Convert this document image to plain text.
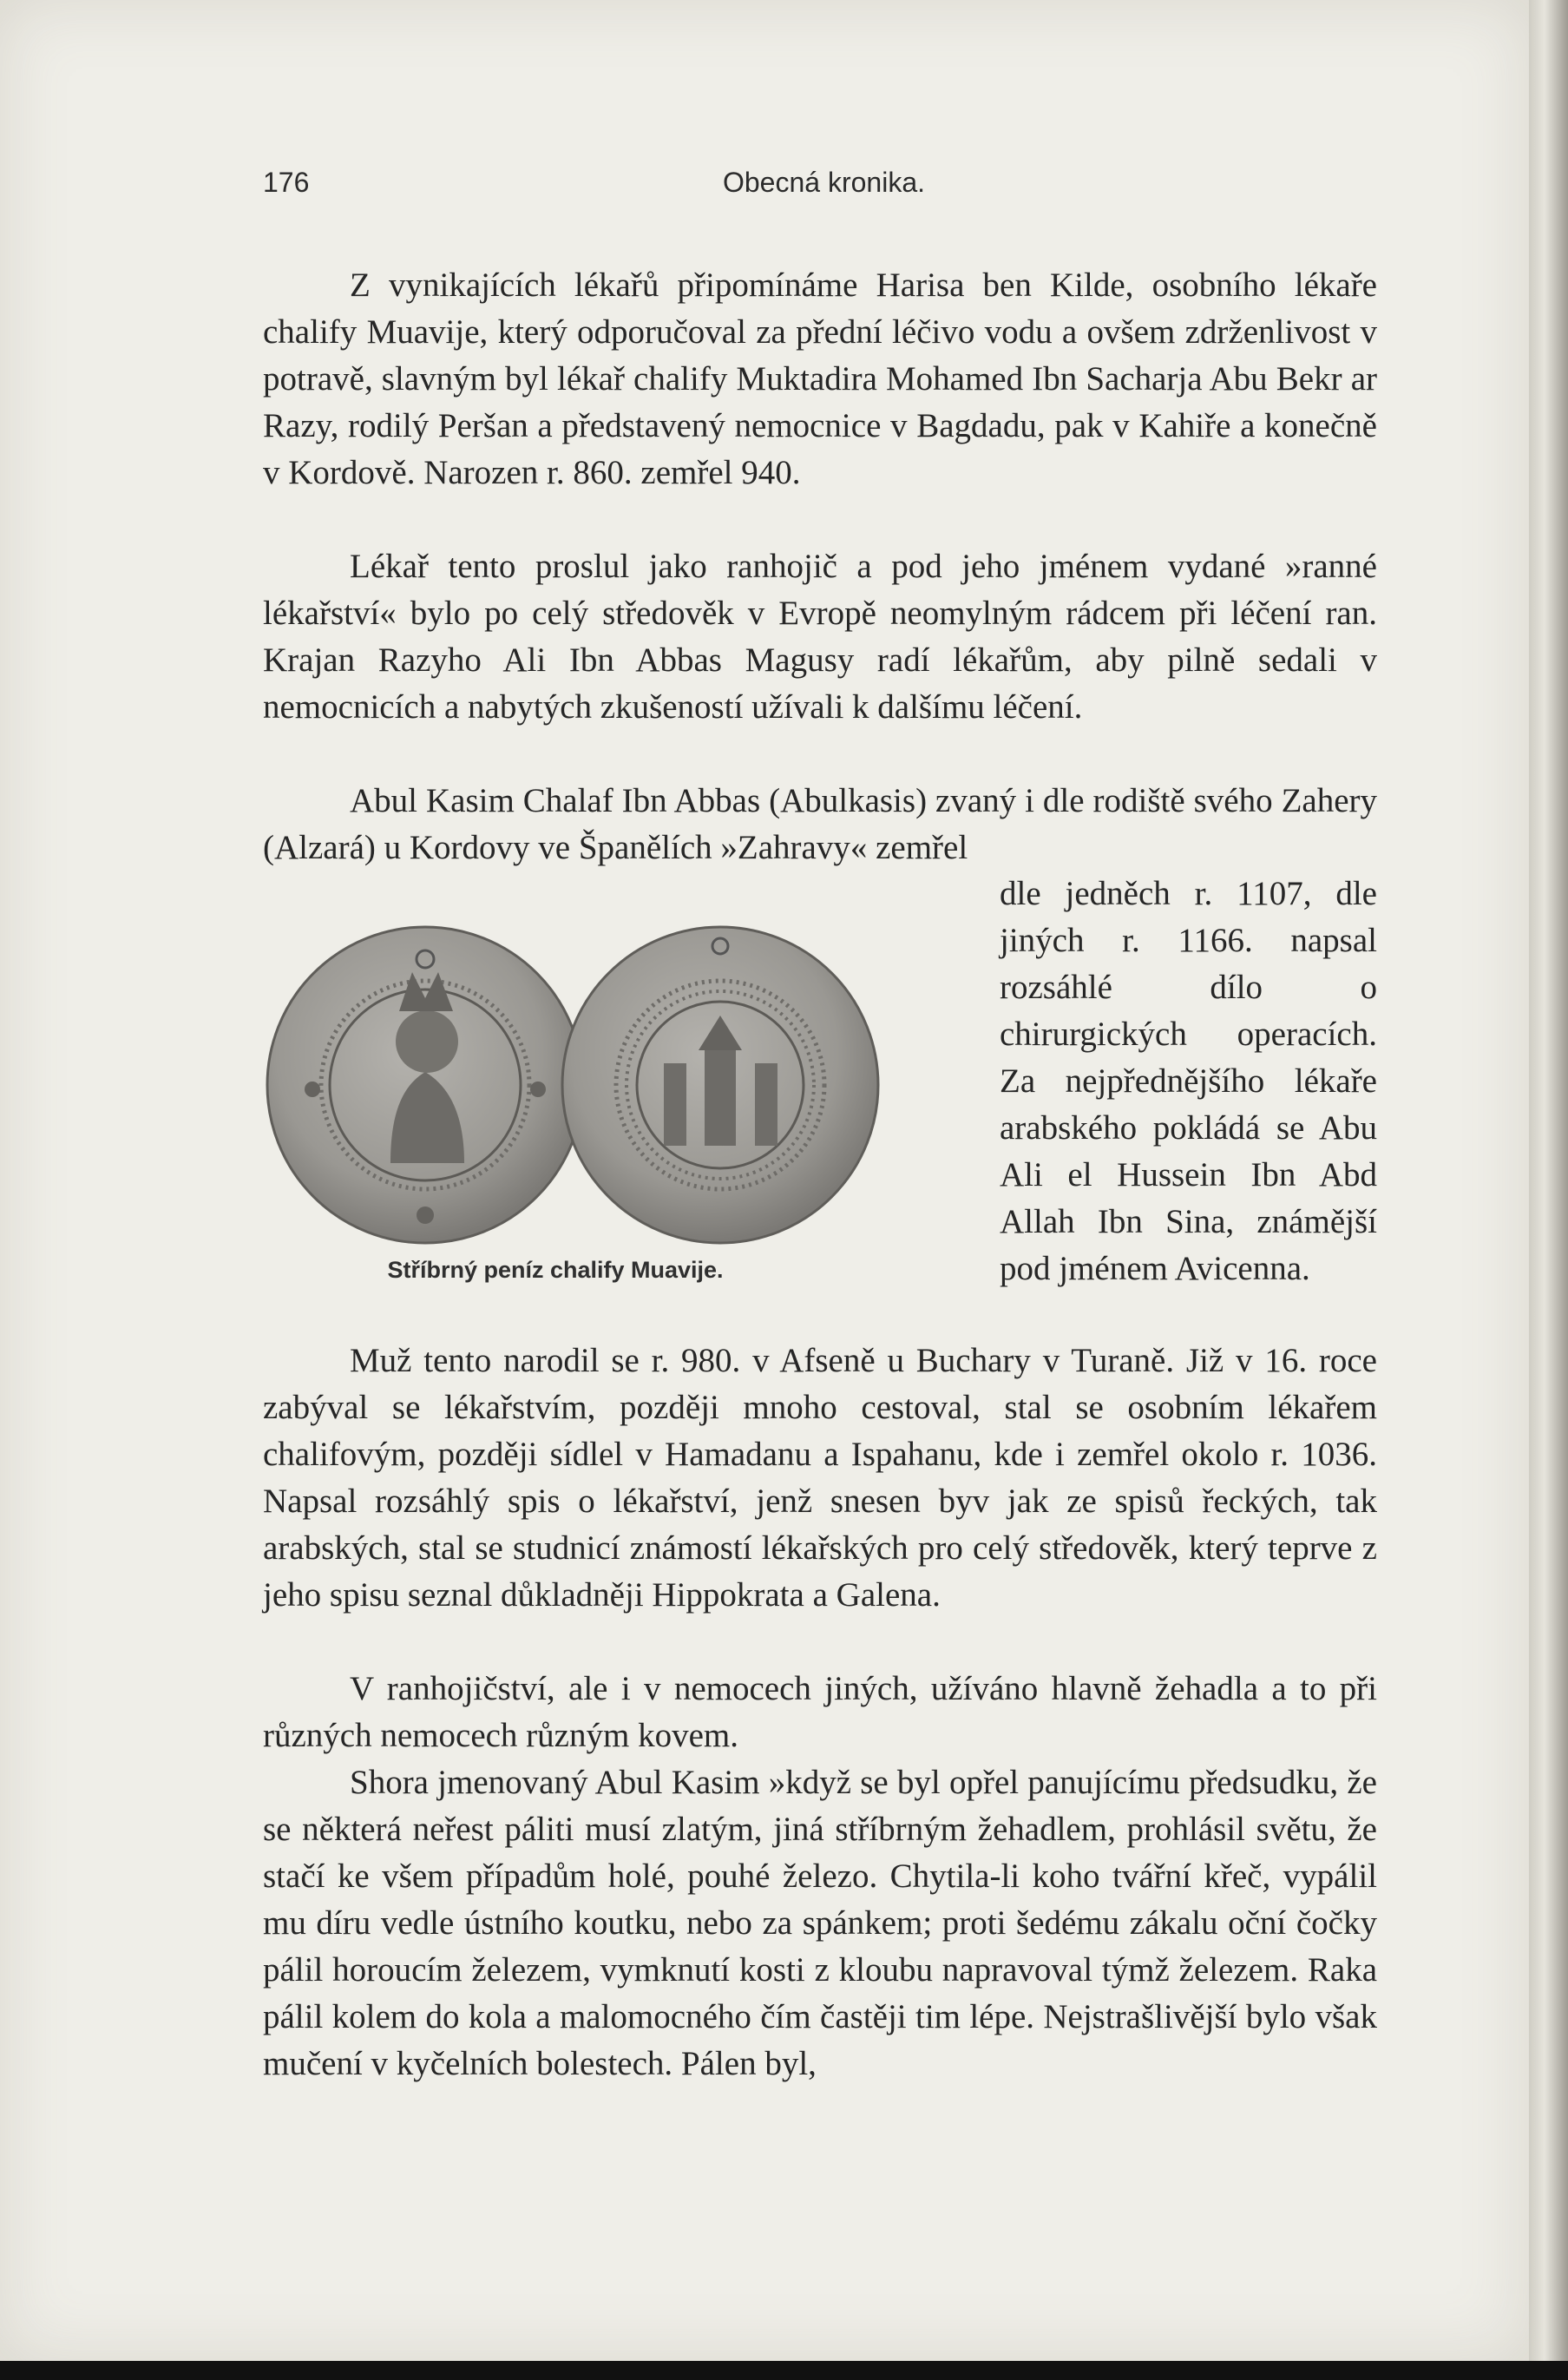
176	Obecná kronika.

Z vynikajících lékařů připomínáme Harisa ben Kilde, osobního lékaře chalify Muavije, který odporučoval za přední léčivo vodu a ovšem zdrženlivost v potravě, slavným byl lékař chalify Muktadira Mohamed Ibn Sacharja Abu Bekr ar Razy, rodilý Peršan a představený nemocnice v Bagdadu, pak v Kahiře a konečně v Kordově. Narozen r. 860. zemřel 940.

Lékař tento proslul jako ranhojič a pod jeho jménem vydané »ranné lékařství« bylo po celý středověk v Evropě neomylným rádcem při léčení ran. Krajan Razyho Ali Ibn Abbas Magusy radí lékařům, aby pilně sedali v nemocnicích a nabytých zkušeností užívali k dalšímu léčení.

Abul Kasim Chalaf Ibn Abbas (Abulkasis) zvaný i dle rodiště svého Zahery (Alzará) u Kordovy ve Španělích »Zahravy« zemřel

dle jedněch r. 1107, dle jiných r. 1166. napsal rozsáhlé dílo o chirurgických operacích. Za nejpřednějšího lékaře arabského pokládá se Abu Ali el Hussein Ibn Abd Allah Ibn Sina, známější pod jménem Avicenna.

Stříbrný peníz chalify Muavije.

Muž tento narodil se r. 980. v Afseně u Buchary v Turaně. Již v 16. roce zabýval se lékařstvím, později mnoho cestoval, stal se osobním lékařem chalifovým, později sídlel v Hamadanu a Ispahanu, kde i zemřel okolo r. 1036. Napsal rozsáhlý spis o lékařství, jenž snesen byv jak ze spisů řeckých, tak arabských, stal se studnicí známostí lékařských pro celý středověk, který teprve z jeho spisu seznal důkladněji Hippokrata a Galena.

V ranhojičství, ale i v nemocech jiných, užíváno hlavně žehadla a to při různých nemocech různým kovem.

Shora jmenovaný Abul Kasim »když se byl opřel panujícímu předsudku, že se některá neřest páliti musí zlatým, jiná stříbrným žehadlem, prohlásil světu, že stačí ke všem případům holé, pouhé železo. Chytila-li koho tvářní křeč, vypálil mu díru vedle ústního koutku, nebo za spánkem; proti šedému zákalu oční čočky pálil horoucím železem, vymknutí kosti z kloubu napravoval týmž železem. Raka pálil kolem do kola a malomocného čím častěji tim lépe. Nejstrašlivější bylo však mučení v kyčelních bolestech. Pálen byl,
